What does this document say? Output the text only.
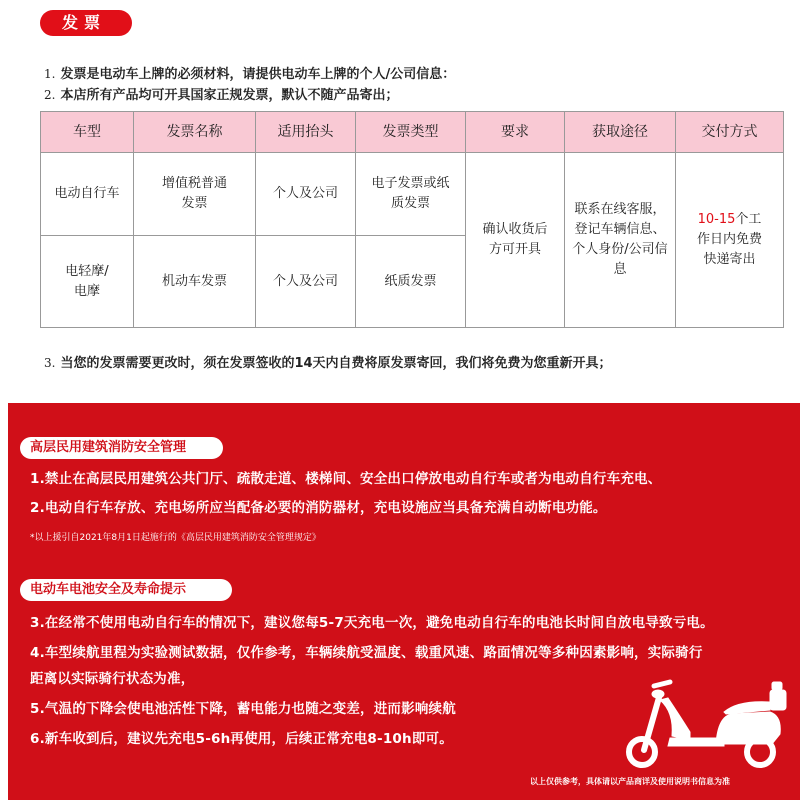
发票
1. 发票是电动车上牌的必须材料，请提供电动车上牌的个人/公司信息：
2. 本店所有产品均可开具国家正规发票，默认不随产品寄出；
车型	发票名称	适用抬头	发票类型	要求	获取途径	交付方式
电动自行车	增值税普通发票	个人及公司	电子发票或纸质发票	确认收货后方可开具	联系在线客服，登记车辆信息、个人身份/公司信息	10-15个工作日内免费快递寄出
电轻摩/电摩	机动车发票	个人及公司	纸质发票			
3. 当您的发票需要更改时，须在发票签收的14天内自费将原发票寄回，我们将免费为您重新开具；
高层民用建筑消防安全管理
1.禁止在高层民用建筑公共门厅、疏散走道、楼梯间、安全出口停放电动自行车或者为电动自行车充电、
2.电动自行车存放、充电场所应当配备必要的消防器材，充电设施应当具备充满自动断电功能。
*以上援引自2021年8月1日起施行的《高层民用建筑消防安全管理规定》
电动车电池安全及寿命提示
3.在经常不使用电动自行车的情况下，建议您每5-7天充电一次，避免电动自行车的电池长时间自放电导致亏电。
4.车型续航里程为实验测试数据，仅作参考，车辆续航受温度、载重风速、路面情况等多种因素影响，实际骑行
距离以实际骑行状态为准，
5.气温的下降会使电池活性下降，蓄电能力也随之变差，进而影响续航
6.新车收到后，建议先充电5-6h再使用，后续正常充电8-10h即可。
以上仅供参考，具体请以产品商详及使用说明书信息为准
